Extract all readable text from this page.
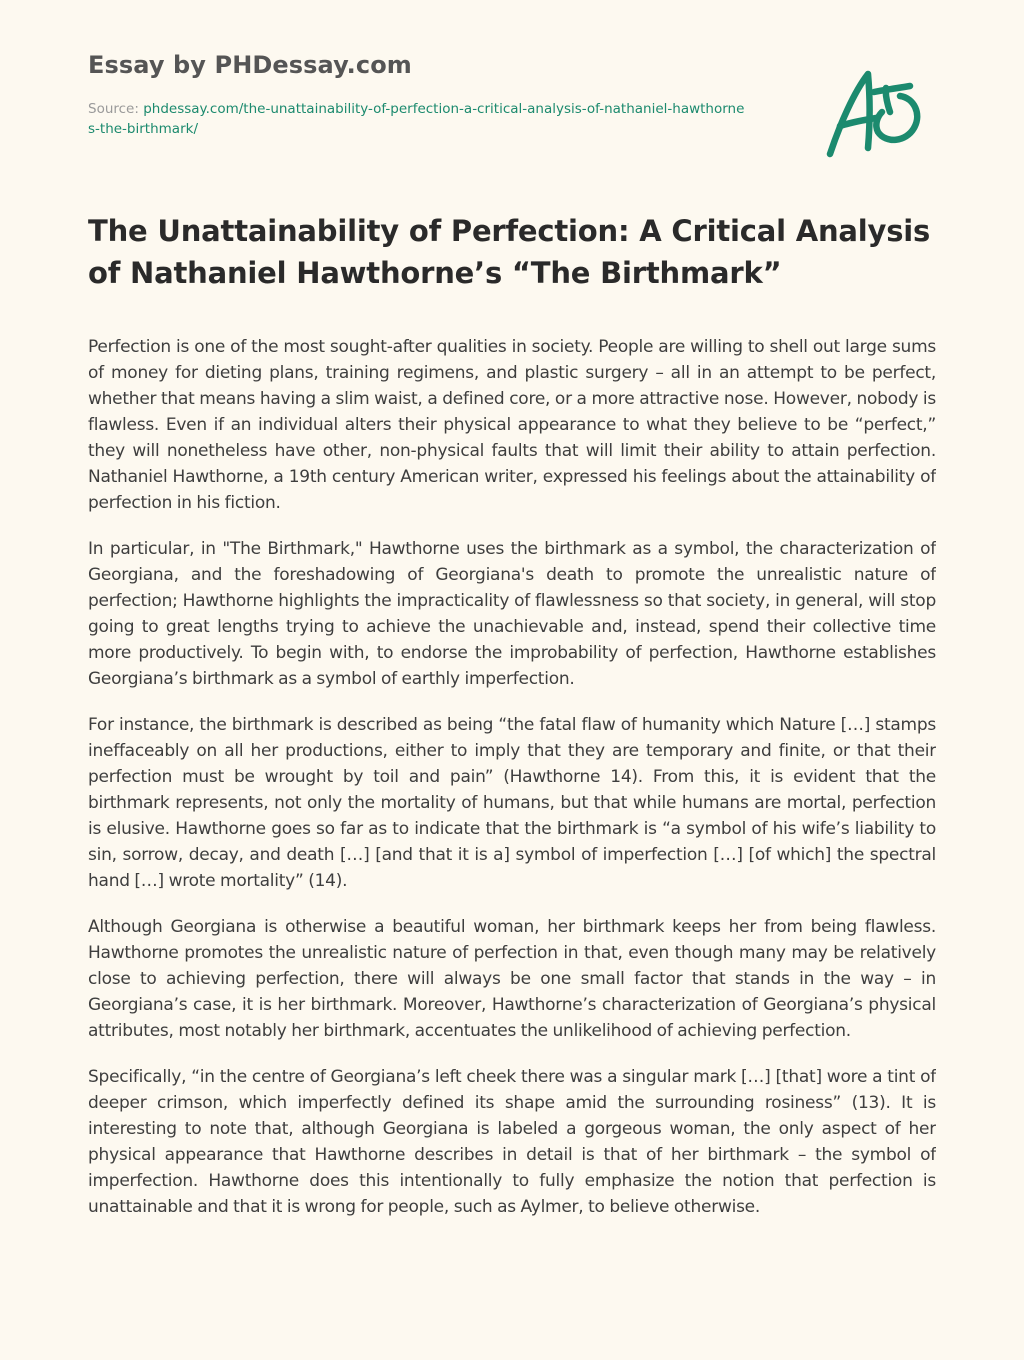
Essay by PHDessay.com
Source: phdessay.com/the-unattainability-of-perfection-a-critical-analysis-of-nathaniel-hawthornes-the-birthmark/
The Unattainability of Perfection: A Critical Analysis of Nathaniel Hawthorne’s “The Birthmark”

Perfection is one of the most sought-after qualities in society. People are willing to shell out large sums of money for dieting plans, training regimens, and plastic surgery – all in an attempt to be perfect, whether that means having a slim waist, a defined core, or a more attractive nose. However, nobody is flawless. Even if an individual alters their physical appearance to what they believe to be “perfect,” they will nonetheless have other, non-physical faults that will limit their ability to attain perfection. Nathaniel Hawthorne, a 19th century American writer, expressed his feelings about the attainability of perfection in his fiction.

In particular, in "The Birthmark," Hawthorne uses the birthmark as a symbol, the characterization of Georgiana, and the foreshadowing of Georgiana's death to promote the unrealistic nature of perfection; Hawthorne highlights the impracticality of flawlessness so that society, in general, will stop going to great lengths trying to achieve the unachievable and, instead, spend their collective time more productively. To begin with, to endorse the improbability of perfection, Hawthorne establishes Georgiana’s birthmark as a symbol of earthly imperfection.

For instance, the birthmark is described as being “the fatal flaw of humanity which Nature […] stamps ineffaceably on all her productions, either to imply that they are temporary and finite, or that their perfection must be wrought by toil and pain” (Hawthorne 14). From this, it is evident that the birthmark represents, not only the mortality of humans, but that while humans are mortal, perfection is elusive. Hawthorne goes so far as to indicate that the birthmark is “a symbol of his wife’s liability to sin, sorrow, decay, and death […] [and that it is a] symbol of imperfection […] [of which] the spectral hand […] wrote mortality” (14).

Although Georgiana is otherwise a beautiful woman, her birthmark keeps her from being flawless. Hawthorne promotes the unrealistic nature of perfection in that, even though many may be relatively close to achieving perfection, there will always be one small factor that stands in the way – in Georgiana’s case, it is her birthmark. Moreover, Hawthorne’s characterization of Georgiana’s physical attributes, most notably her birthmark, accentuates the unlikelihood of achieving perfection.

Specifically, “in the centre of Georgiana’s left cheek there was a singular mark […] [that] wore a tint of deeper crimson, which imperfectly defined its shape amid the surrounding rosiness” (13). It is interesting to note that, although Georgiana is labeled a gorgeous woman, the only aspect of her physical appearance that Hawthorne describes in detail is that of her birthmark – the symbol of imperfection. Hawthorne does this intentionally to fully emphasize the notion that perfection is unattainable and that it is wrong for people, such as Aylmer, to believe otherwise.
